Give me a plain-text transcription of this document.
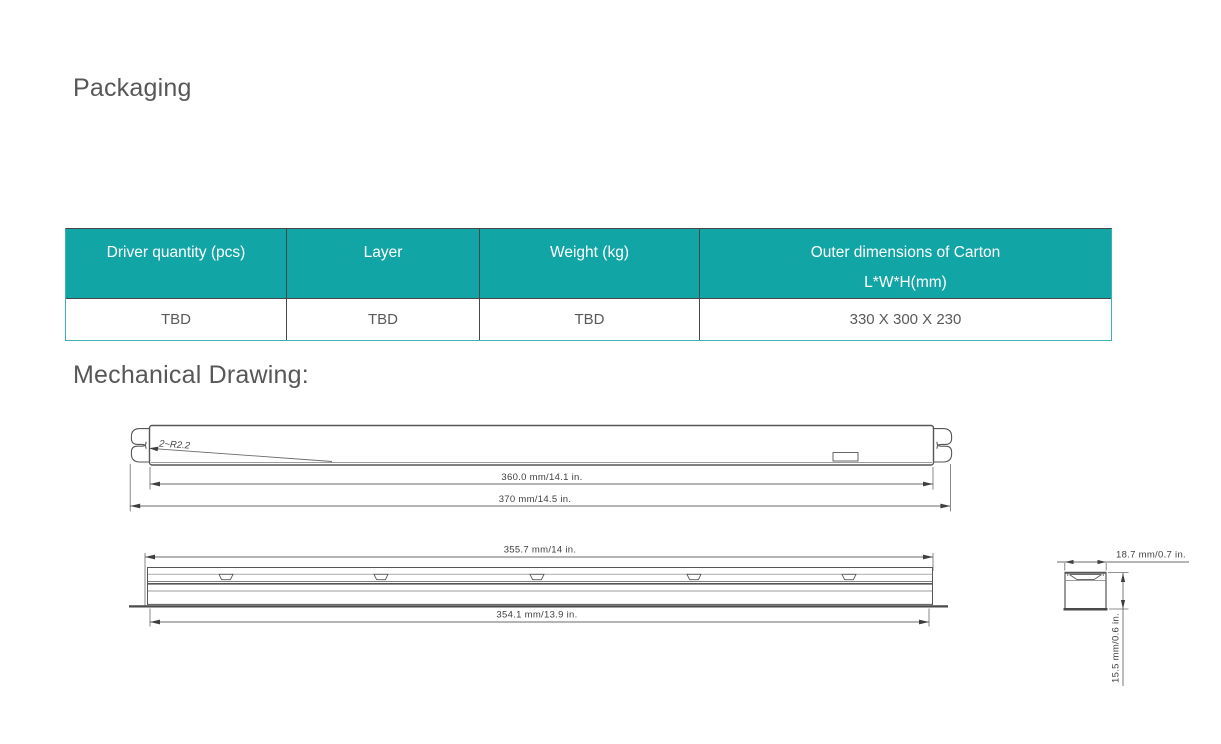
Packaging
Driver quantity (pcs)	Layer	Weight (kg)	Outer dimensions of Carton
L*W*H(mm)

TBD	TBD	TBD	330 X 300 X 230
Mechanical Drawing:
2~R2.2
360.0 mm/14.1 in.
370 mm/14.5 in.
355.7 mm/14 in.
354.1 mm/13.9 in.
18.7 mm/0.7 in.
15.5 mm/0.6 in.
